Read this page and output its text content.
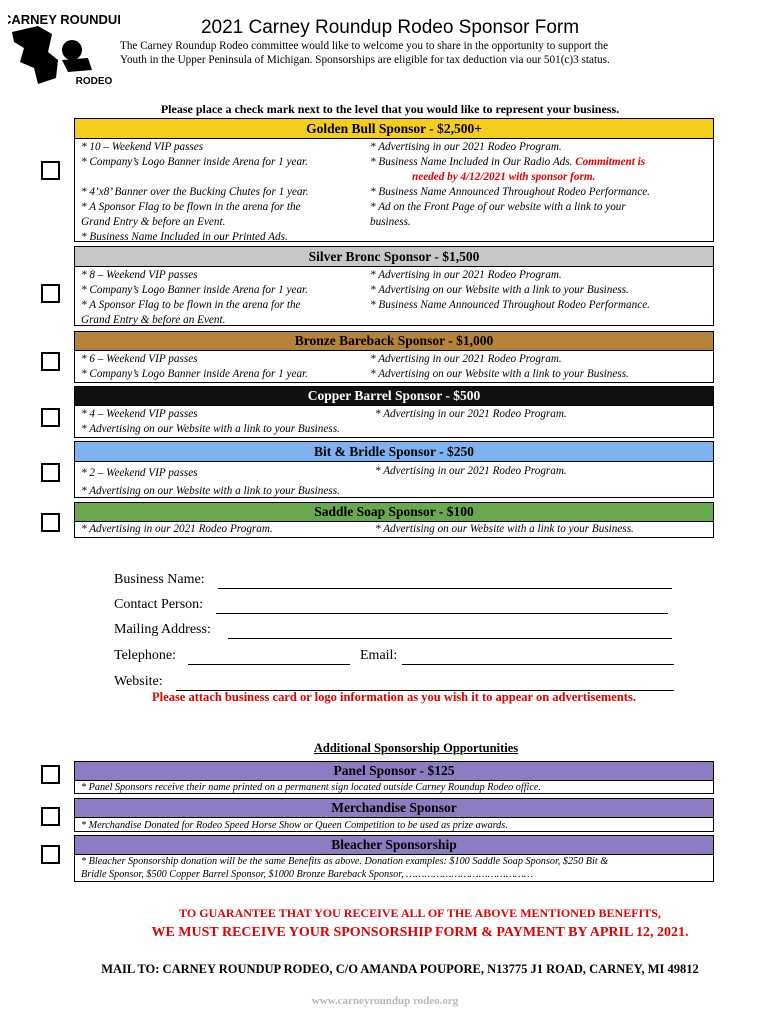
CARNEY ROUNDUP
RODEO
2021 Carney Roundup Rodeo Sponsor Form
The Carney Roundup Rodeo committee would like to welcome you to share in the opportunity to support the
Youth in the Upper Peninsula of Michigan. Sponsorships are eligible for tax deduction via our 501(c)3 status.
Please place a check mark next to the level that you would like to represent your business.
Golden Bull Sponsor - $2,500+
* 10 – Weekend VIP passes
* Company’s Logo Banner inside Arena for 1 year.
* 4’x8’ Banner over the Bucking Chutes for 1 year.
* A Sponsor Flag to be flown in the arena for the
Grand Entry & before an Event.
* Business Name Included in our Printed Ads.
* Advertising in our 2021 Rodeo Program.
* Business Name Included in Our Radio Ads. Commitment is
needed by 4/12/2021 with sponsor form.
* Business Name Announced Throughout Rodeo Performance.
* Ad on the Front Page of our website with a link to your
business.
Silver Bronc Sponsor - $1,500
* 8 – Weekend VIP passes
* Company’s Logo Banner inside Arena for 1 year.
* A Sponsor Flag to be flown in the arena for the
Grand Entry & before an Event.
* Advertising in our 2021 Rodeo Program.
* Advertising on our Website with a link to your Business.
* Business Name Announced Throughout Rodeo Performance.
Bronze Bareback Sponsor - $1,000
* 6 – Weekend VIP passes
* Company’s Logo Banner inside Arena for 1 year.
* Advertising in our 2021 Rodeo Program.
* Advertising on our Website with a link to your Business.
Copper Barrel Sponsor - $500
* 4 – Weekend VIP passes
* Advertising on our Website with a link to your Business.
* Advertising in our 2021 Rodeo Program.
Bit & Bridle Sponsor - $250
* 2 – Weekend VIP passes
* Advertising on our Website with a link to your Business.
* Advertising in our 2021 Rodeo Program.
Saddle Soap Sponsor - $100
* Advertising in our 2021 Rodeo Program.	* Advertising on our Website with a link to your Business.
Business Name:
Contact Person:
Mailing Address:
Telephone:	Email:
Website:
Please attach business card or logo information as you wish it to appear on advertisements.
Additional Sponsorship Opportunities
Panel Sponsor - $125
* Panel Sponsors receive their name printed on a permanent sign located outside Carney Roundup Rodeo office.
Merchandise Sponsor
* Merchandise Donated for Rodeo Speed Horse Show or Queen Competition to be used as prize awards.
Bleacher Sponsorship
* Bleacher Sponsorship donation will be the same Benefits as above. Donation examples: $100 Saddle Soap Sponsor, $250 Bit &
Bridle Sponsor, $500 Copper Barrel Sponsor, $1000 Bronze Bareback Sponsor, ……………………………………
TO GUARANTEE THAT YOU RECEIVE ALL OF THE ABOVE MENTIONED BENEFITS,
WE MUST RECEIVE YOUR SPONSORSHIP FORM & PAYMENT BY APRIL 12, 2021.
MAIL TO: CARNEY ROUNDUP RODEO, C/O AMANDA POUPORE, N13775 J1 ROAD, CARNEY, MI 49812
www.carneyroundup rodeo.org
